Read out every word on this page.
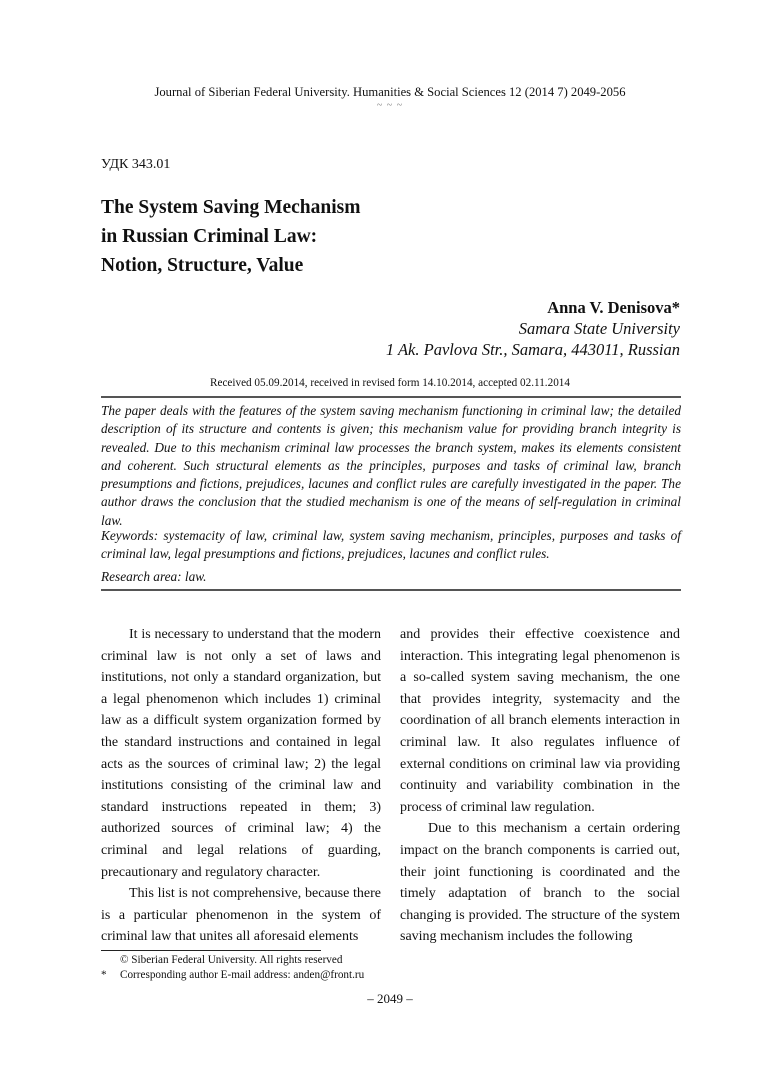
Journal of Siberian Federal University. Humanities & Social Sciences 12 (2014 7) 2049-2056
~ ~ ~
УДК 343.01
The System Saving Mechanism
in Russian Criminal Law:
Notion, Structure, Value
Anna V. Denisova*
Samara State University
1 Ak. Pavlova Str., Samara, 443011, Russian
Received 05.09.2014, received in revised form 14.10.2014, accepted 02.11.2014
The paper deals with the features of the system saving mechanism functioning in criminal law; the detailed description of its structure and contents is given; this mechanism value for providing branch integrity is revealed. Due to this mechanism criminal law processes the branch system, makes its elements consistent and coherent. Such structural elements as the principles, purposes and tasks of criminal law, branch presumptions and fictions, prejudices, lacunes and conflict rules are carefully investigated in the paper. The author draws the conclusion that the studied mechanism is one of the means of self-regulation in criminal law.
Keywords: systemacity of law, criminal law, system saving mechanism, principles, purposes and tasks of criminal law, legal presumptions and fictions, prejudices, lacunes and conflict rules.
Research area: law.

It is necessary to understand that the modern criminal law is not only a set of laws and institutions, not only a standard organization, but a legal phenomenon which includes 1) criminal law as a difficult system organization formed by the standard instructions and contained in legal acts as the sources of criminal law; 2) the legal institutions consisting of the criminal law and standard instructions repeated in them; 3) authorized sources of criminal law; 4) the criminal and legal relations of guarding, precautionary and regulatory character.

This list is not comprehensive, because there is a particular phenomenon in the system of criminal law that unites all aforesaid elements

and provides their effective coexistence and interaction. This integrating legal phenomenon is a so-called system saving mechanism, the one that provides integrity, systemacity and the coordination of all branch elements interaction in criminal law. It also regulates influence of external conditions on criminal law via providing continuity and variability combination in the process of criminal law regulation.

Due to this mechanism a certain ordering impact on the branch components is carried out, their joint functioning is coordinated and the timely adaptation of branch to the social changing is provided. The structure of the system saving mechanism includes the following

© Siberian Federal University. All rights reserved
* Corresponding author E-mail address: anden@front.ru
– 2049 –
